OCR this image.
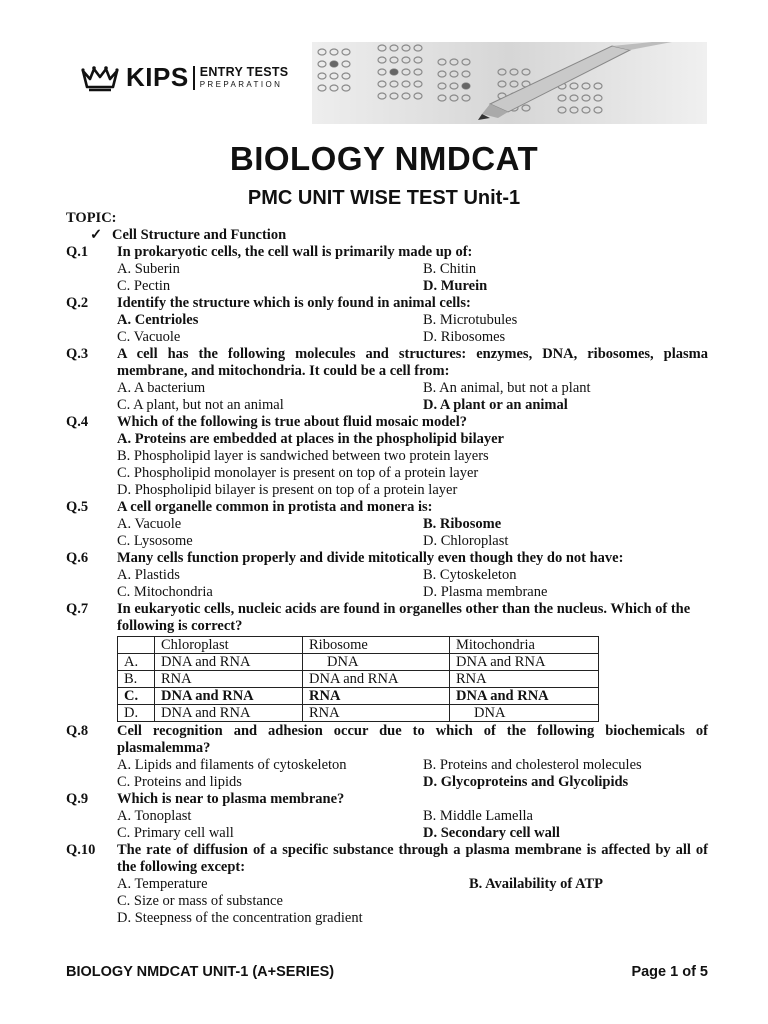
KIPS ENTRY TESTS
PREPARATION
BIOLOGY NMDCAT
PMC UNIT WISE TEST Unit-1
TOPIC:
✓ Cell Structure and Function
Q.1	In prokaryotic cells, the cell wall is primarily made up of:
A. Suberin	B. Chitin
C. Pectin	D. Murein
Q.2	Identify the structure which is only found in animal cells:
A. Centrioles	B. Microtubules
C. Vacuole	D. Ribosomes
Q.3	A cell has the following molecules and structures: enzymes, DNA, ribosomes, plasma membrane, and mitochondria. It could be a cell from:
A. A bacterium	B. An animal, but not a plant
C. A plant, but not an animal	D. A plant or an animal
Q.4	Which of the following is true about fluid mosaic model?
A. Proteins are embedded at places in the phospholipid bilayer
B. Phospholipid layer is sandwiched between two protein layers
C. Phospholipid monolayer is present on top of a protein layer
D. Phospholipid bilayer is present on top of a protein layer
Q.5	A cell organelle common in protista and monera is:
A. Vacuole	B. Ribosome
C. Lysosome	D. Chloroplast
Q.6	Many cells function properly and divide mitotically even though they do not have:
A. Plastids	B. Cytoskeleton
C. Mitochondria	D. Plasma membrane
Q.7	In eukaryotic cells, nucleic acids are found in organelles other than the nucleus. Which of the following is correct?
	Chloroplast	Ribosome	Mitochondria
A.	DNA and RNA	DNA	DNA and RNA
B.	RNA	DNA and RNA	RNA
C.	DNA and RNA	RNA	DNA and RNA
D.	DNA and RNA	RNA	DNA
Q.8	Cell recognition and adhesion occur due to which of the following biochemicals of plasmalemma?
A. Lipids and filaments of cytoskeleton	B. Proteins and cholesterol molecules
C. Proteins and lipids	D. Glycoproteins and Glycolipids
Q.9	Which is near to plasma membrane?
A. Tonoplast	B. Middle Lamella
C. Primary cell wall	D. Secondary cell wall
Q.10	The rate of diffusion of a specific substance through a plasma membrane is affected by all of the following except:
A. Temperature	B. Availability of ATP
C. Size or mass of substance
D. Steepness of the concentration gradient
BIOLOGY NMDCAT UNIT-1 (A+SERIES)	Page 1 of 5
